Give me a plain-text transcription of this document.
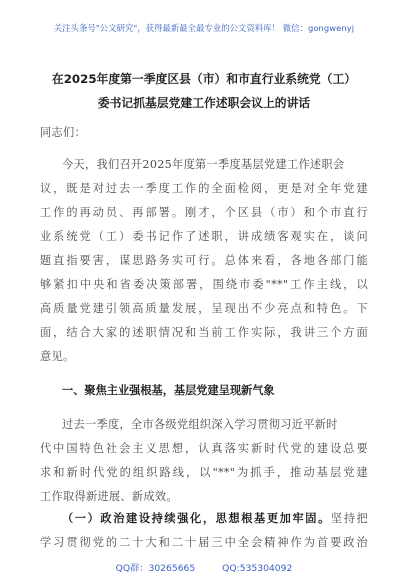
关注头条号"公文研究"，获得最新最全最专业的公文资料库！ 微信：gongwenyj
在2025年度第一季度区县（市）和市直行业系统党（工）
委书记抓基层党建工作述职会议上的讲话
同志们：
今天，我们召开2025年度第一季度基层党建工作述职会
议，既是对过去一季度工作的全面检阅，更是对全年党建
工作的再动员、再部署。刚才，个区县（市）和个市直行
业系统党（工）委书记作了述职，讲成绩客观实在，谈问
题直指要害，谋思路务实可行。总体来看，各地各部门能
够紧扣中央和省委决策部署，围绕市委"**"工作主线，以
高质量党建引领高质量发展，呈现出不少亮点和特色。下
面，结合大家的述职情况和当前工作实际，我讲三个方面
意见。
一、聚焦主业强根基，基层党建呈现新气象
过去一季度，全市各级党组织深入学习贯彻习近平新时
代中国特色社会主义思想，认真落实新时代党的建设总要
求和新时代党的组织路线，以"**"为抓手，推动基层党建
工作取得新进展、新成效。
（一）政治建设持续强化，思想根基更加牢固。坚持把
QQ群：30265665	QQ:535304092
学习贯彻党的二十大和二十届三中全会精神作为首要政治
